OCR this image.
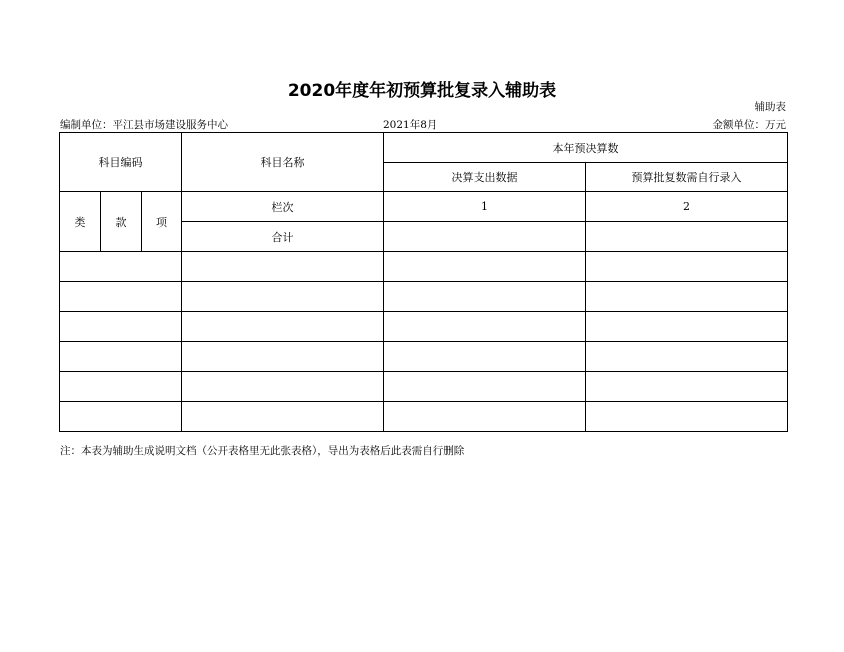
2020年度年初预算批复录入辅助表
辅助表
编制单位：平江县市场建设服务中心	2021年8月	金额单位：万元
科目编码			科目名称	本年预决算数	
				决算支出数据	预算批复数需自行录入
类	款	项	栏次	1	2
			合计		

注：本表为辅助生成说明文档（公开表格里无此张表格），导出为表格后此表需自行删除
